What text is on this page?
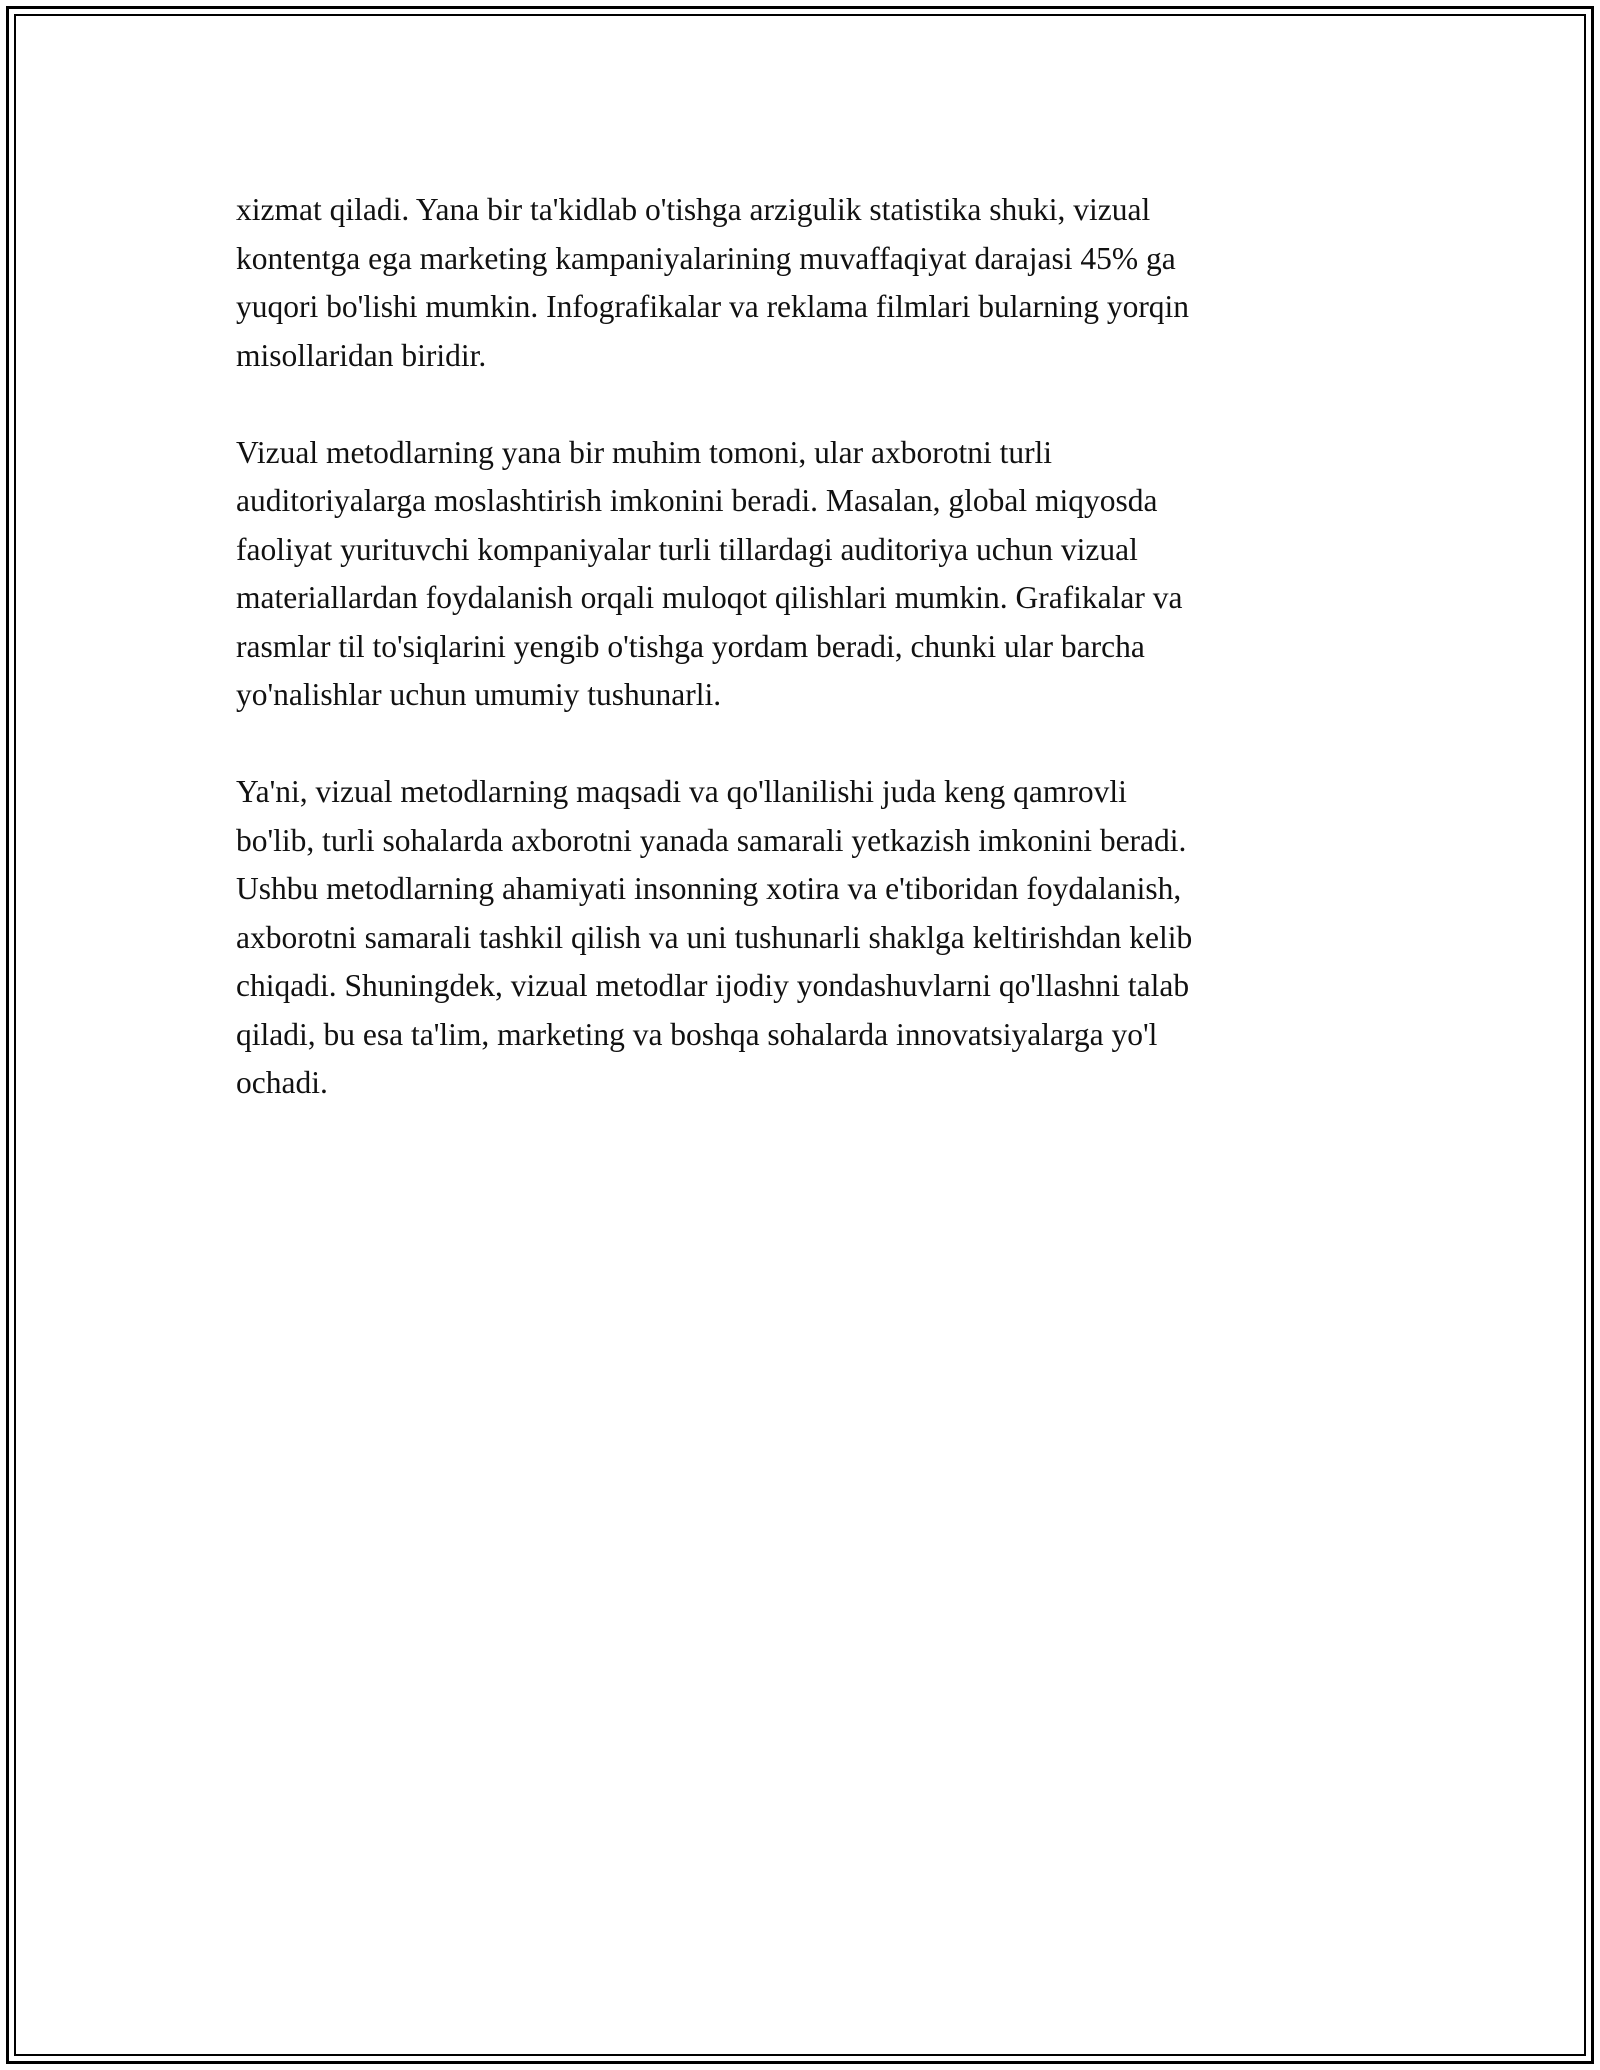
xizmat qiladi. Yana bir ta'kidlab o'tishga arzigulik statistika shuki, vizual
kontentga ega marketing kampaniyalarining muvaffaqiyat darajasi 45% ga
yuqori bo'lishi mumkin. Infografikalar va reklama filmlari bularning yorqin
misollaridan biridir.

Vizual metodlarning yana bir muhim tomoni, ular axborotni turli
auditoriyalarga moslashtirish imkonini beradi. Masalan, global miqyosda
faoliyat yurituvchi kompaniyalar turli tillardagi auditoriya uchun vizual
materiallardan foydalanish orqali muloqot qilishlari mumkin. Grafikalar va
rasmlar til to'siqlarini yengib o'tishga yordam beradi, chunki ular barcha
yo'nalishlar uchun umumiy tushunarli.

Ya'ni, vizual metodlarning maqsadi va qo'llanilishi juda keng qamrovli
bo'lib, turli sohalarda axborotni yanada samarali yetkazish imkonini beradi.
Ushbu metodlarning ahamiyati insonning xotira va e'tiboridan foydalanish,
axborotni samarali tashkil qilish va uni tushunarli shaklga keltirishdan kelib
chiqadi. Shuningdek, vizual metodlar ijodiy yondashuvlarni qo'llashni talab
qiladi, bu esa ta'lim, marketing va boshqa sohalarda innovatsiyalarga yo'l
ochadi.
